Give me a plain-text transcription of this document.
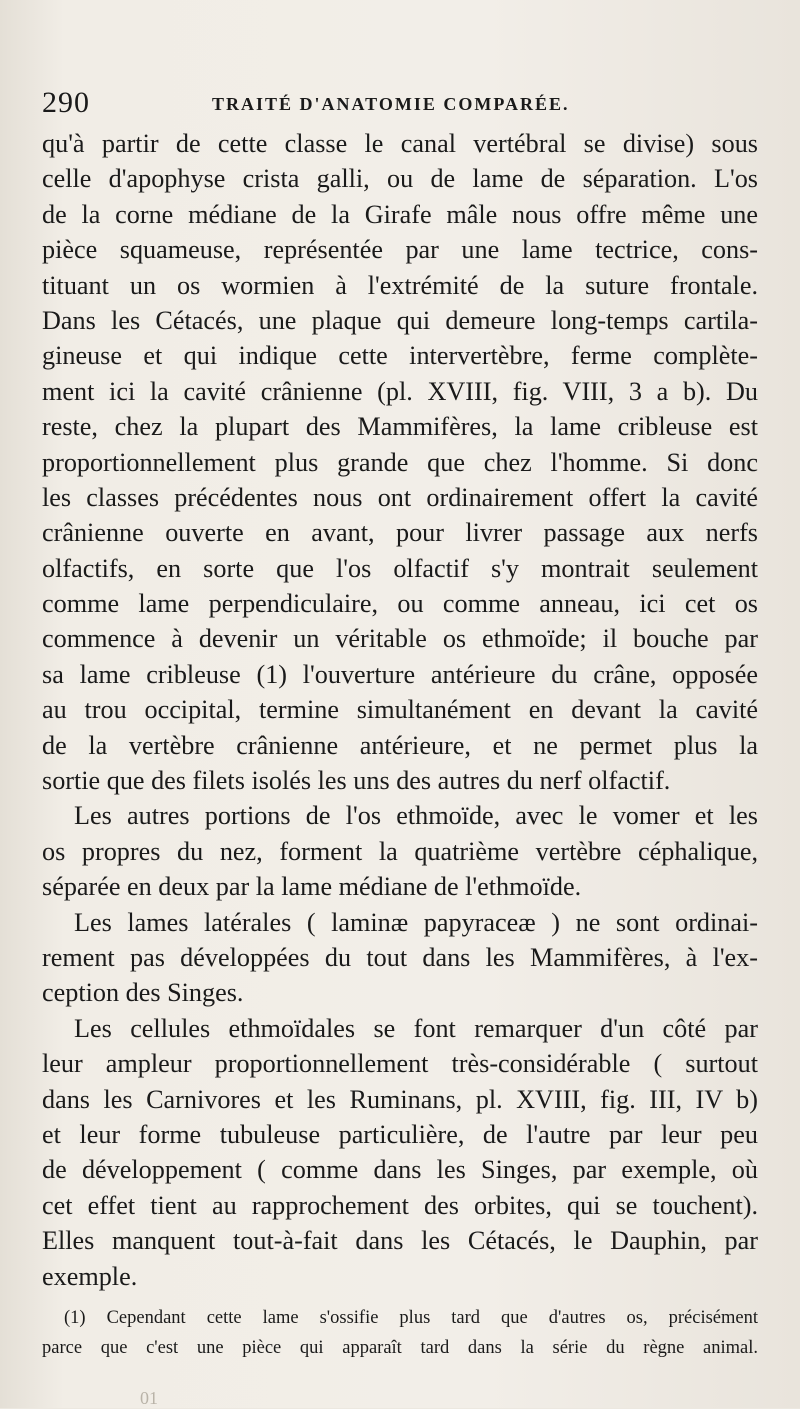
290	TRAITÉ D'ANATOMIE COMPARÉE.
qu'à partir de cette classe le canal vertébral se divise) sous
celle d'apophyse crista galli, ou de lame de séparation. L'os
de la corne médiane de la Girafe mâle nous offre même une
pièce squameuse, représentée par une lame tectrice, cons-
tituant un os wormien à l'extrémité de la suture frontale.
Dans les Cétacés, une plaque qui demeure long-temps cartila-
gineuse et qui indique cette intervertèbre, ferme complète-
ment ici la cavité crânienne (pl. XVIII, fig. VIII, 3 a b). Du
reste, chez la plupart des Mammifères, la lame cribleuse est
proportionnellement plus grande que chez l'homme. Si donc
les classes précédentes nous ont ordinairement offert la cavité
crânienne ouverte en avant, pour livrer passage aux nerfs
olfactifs, en sorte que l'os olfactif s'y montrait seulement
comme lame perpendiculaire, ou comme anneau, ici cet os
commence à devenir un véritable os ethmoïde; il bouche par
sa lame cribleuse (1) l'ouverture antérieure du crâne, opposée
au trou occipital, termine simultanément en devant la cavité
de la vertèbre crânienne antérieure, et ne permet plus la
sortie que des filets isolés les uns des autres du nerf olfactif.
Les autres portions de l'os ethmoïde, avec le vomer et les
os propres du nez, forment la quatrième vertèbre céphalique,
séparée en deux par la lame médiane de l'ethmoïde.
Les lames latérales ( laminæ papyraceæ ) ne sont ordinai-
rement pas développées du tout dans les Mammifères, à l'ex-
ception des Singes.
Les cellules ethmoïdales se font remarquer d'un côté par
leur ampleur proportionnellement très-considérable ( surtout
dans les Carnivores et les Ruminans, pl. XVIII, fig. III, IV b)
et leur forme tubuleuse particulière, de l'autre par leur peu
de développement ( comme dans les Singes, par exemple, où
cet effet tient au rapprochement des orbites, qui se touchent).
Elles manquent tout-à-fait dans les Cétacés, le Dauphin, par
exemple.
(1) Cependant cette lame s'ossifie plus tard que d'autres os, précisément
parce que c'est une pièce qui apparaît tard dans la série du règne animal.
01
